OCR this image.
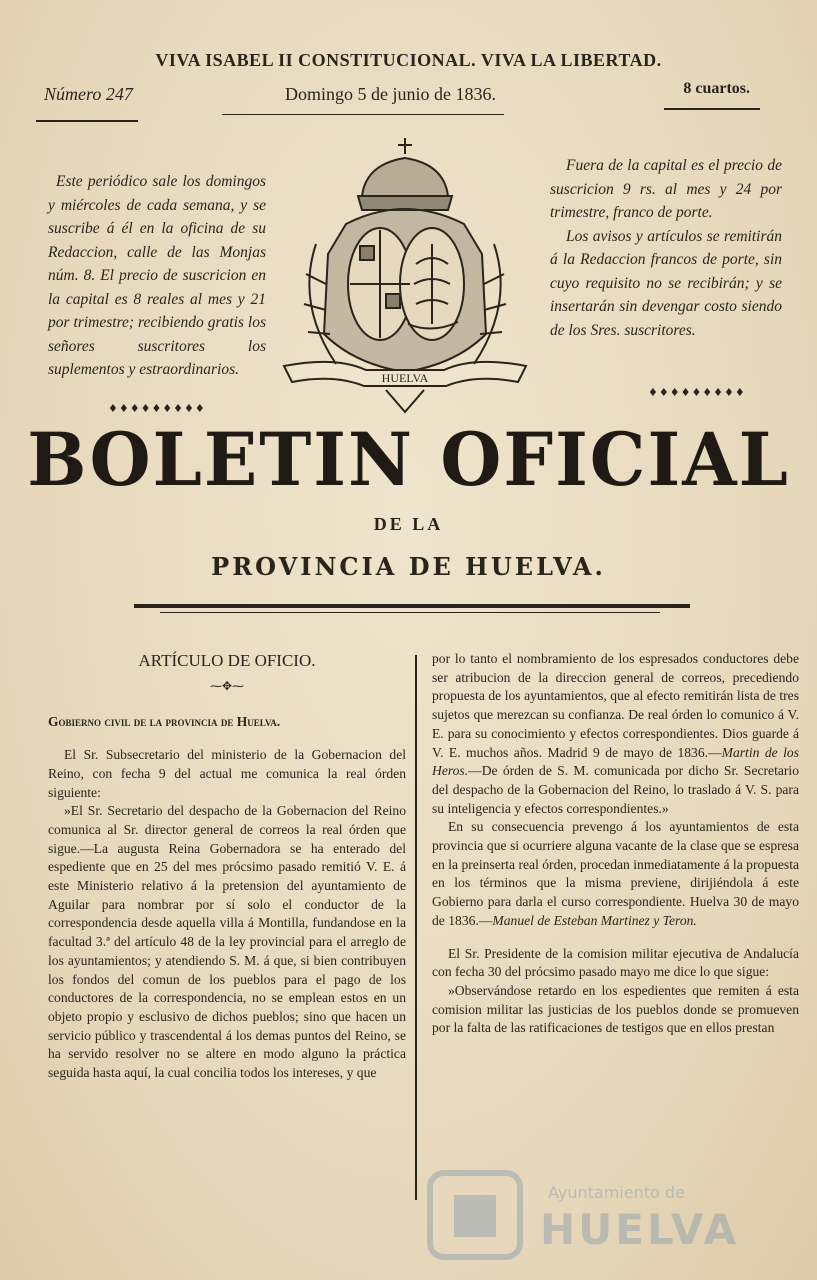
VIVA ISABEL II CONSTITUCIONAL. VIVA LA LIBERTAD.
Número 247	Domingo 5 de junio de 1836.	8 cuartos.

Este periódico sale los domingos y miércoles de cada semana, y se suscribe á él en la oficina de su Redaccion, calle de las Monjas núm. 8. El precio de suscricion en la capital es 8 reales al mes y 21 por trimestre; recibiendo gratis los señores suscritores los suplementos y estraordinarios.

♦♦♦♦♦♦♦♦♦

Fuera de la capital es el precio de suscricion 9 rs. al mes y 24 por trimestre, franco de porte.

Los avisos y artículos se remitirán á la Redaccion francos de porte, sin cuyo requisito no se recibirán; y se insertarán sin devengar costo siendo de los Sres. suscritores.

♦♦♦♦♦♦♦♦♦
HUELVA
BOLETIN OFICIAL
DE LA
PROVINCIA DE HUELVA.

ARTÍCULO DE OFICIO.

⁓✥⁓

Gobierno civil de la provincia de Huelva.

El Sr. Subsecretario del ministerio de la Gobernacion del Reino, con fecha 9 del actual me comunica la real órden siguiente:

»El Sr. Secretario del despacho de la Gobernacion del Reino comunica al Sr. director general de correos la real órden que sigue.—La augusta Reina Gobernadora se ha enterado del espediente que en 25 del mes prócsimo pasado remitió V. E. á este Ministerio relativo á la pretension del ayuntamiento de Aguilar para nombrar por sí solo el conductor de la correspondencia desde aquella villa á Montilla, fundandose en la facultad 3.ª del artículo 48 de la ley provincial para el arreglo de los ayuntamientos; y atendiendo S. M. á que, si bien contribuyen los fondos del comun de los pueblos para el pago de los conductores de la correspondencia, no se emplean estos en un objeto propio y esclusivo de dichos pueblos; sino que hacen un servicio público y trascendental á los demas puntos del Reino, se ha servido resolver no se altere en modo alguno la práctica seguida hasta aquí, la cual concilia todos los intereses, y que

por lo tanto el nombramiento de los espresados conductores debe ser atribucion de la direccion general de correos, precediendo propuesta de los ayuntamientos, que al efecto remitirán lista de tres sujetos que merezcan su confianza. De real órden lo comunico á V. E. para su conocimiento y efectos correspondientes. Dios guarde á V. E. muchos años. Madrid 9 de mayo de 1836.—Martin de los Heros.—De órden de S. M. comunicada por dicho Sr. Secretario del despacho de la Gobernacion del Reino, lo traslado á V. S. para su inteligencia y efectos correspondientes.»

En su consecuencia prevengo á los ayuntamientos de esta provincia que si ocurriere alguna vacante de la clase que se espresa en la preinserta real órden, procedan inmediatamente á la propuesta en los términos que la misma previene, dirijiéndola á este Gobierno para darla el curso correspondiente. Huelva 30 de mayo de 1836.—Manuel de Esteban Martinez y Teron.

El Sr. Presidente de la comision militar ejecutiva de Andalucía con fecha 30 del prócsimo pasado mayo me dice lo que sigue:

»Observándose retardo en los espedientes que remiten á esta comision militar las justicias de los pueblos donde se promueven por la falta de las ratificaciones de testigos que en ellos prestan

Ayuntamiento de
HUELVA
